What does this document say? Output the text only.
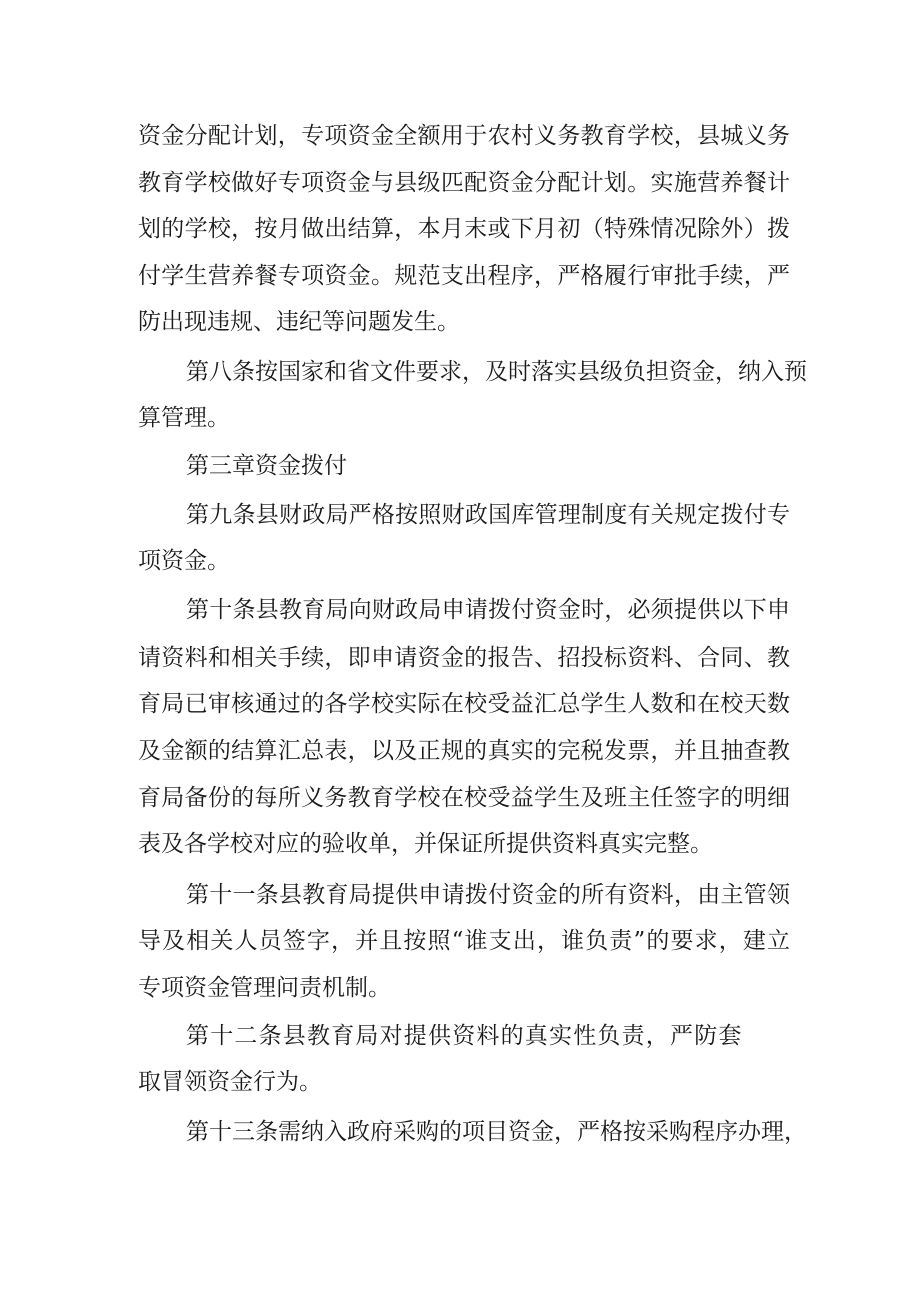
资金分配计划，专项资金全额用于农村义务教育学校，县城义务

教育学校做好专项资金与县级匹配资金分配计划。实施营养餐计

划的学校，按月做出结算，本月末或下月初（特殊情况除外）拨

付学生营养餐专项资金。规范支出程序，严格履行审批手续，严

防出现违规、违纪等问题发生。

第八条按国家和省文件要求，及时落实县级负担资金，纳入预

算管理。

第三章资金拨付

第九条县财政局严格按照财政国库管理制度有关规定拨付专

项资金。

第十条县教育局向财政局申请拨付资金时，必须提供以下申

请资料和相关手续，即申请资金的报告、招投标资料、合同、教

育局已审核通过的各学校实际在校受益汇总学生人数和在校天数

及金额的结算汇总表，以及正规的真实的完税发票，并且抽查教

育局备份的每所义务教育学校在校受益学生及班主任签字的明细

表及各学校对应的验收单，并保证所提供资料真实完整。

第十一条县教育局提供申请拨付资金的所有资料，由主管领

导及相关人员签字，并且按照“谁支出，谁负责”的要求，建立

专项资金管理问责机制。

第十二条县教育局对提供资料的真实性负责，严防套

取冒领资金行为。

第十三条需纳入政府采购的项目资金，严格按采购程序办理，
